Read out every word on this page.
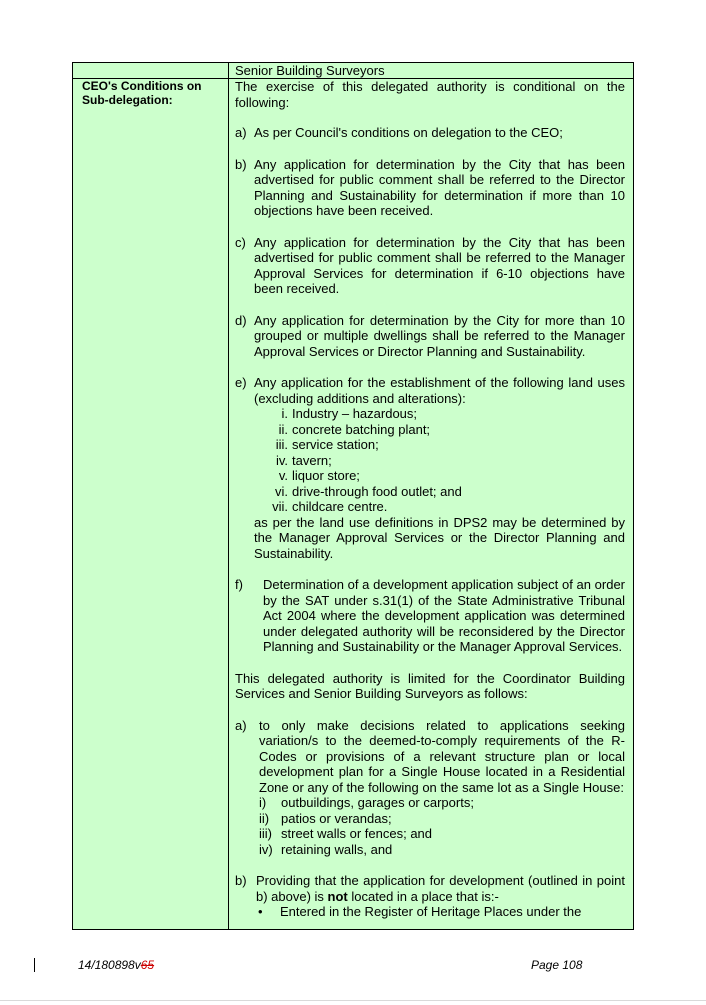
Senior Building Surveyors
CEO's Conditions on Sub-delegation:

The exercise of this delegated authority is conditional on the following:

a) As per Council's conditions on delegation to the CEO;
b) Any application for determination by the City that has been advertised for public comment shall be referred to the Director Planning and Sustainability for determination if more than 10 objections have been received.
c) Any application for determination by the City that has been advertised for public comment shall be referred to the Manager Approval Services for determination if 6-10 objections have been received.
d) Any application for determination by the City for more than 10 grouped or multiple dwellings shall be referred to the Manager Approval Services or Director Planning and Sustainability.
e) Any application for the establishment of the following land uses (excluding additions and alterations):
i. Industry – hazardous;
ii. concrete batching plant;
iii. service station;
iv. tavern;
v. liquor store;
vi. drive-through food outlet; and
vii. childcare centre.
as per the land use definitions in DPS2 may be determined by the Manager Approval Services or the Director Planning and Sustainability.
f) Determination of a development application subject of an order by the SAT under s.31(1) of the State Administrative Tribunal Act 2004 where the development application was determined under delegated authority will be reconsidered by the Director Planning and Sustainability or the Manager Approval Services.

This delegated authority is limited for the Coordinator Building Services and Senior Building Surveyors as follows:

a) to only make decisions related to applications seeking variation/s to the deemed-to-comply requirements of the R-Codes or provisions of a relevant structure plan or local development plan for a Single House located in a Residential Zone or any of the following on the same lot as a Single House:
i) outbuildings, garages or carports;
ii) patios or verandas;
iii) street walls or fences; and
iv) retaining walls, and
b) Providing that the application for development (outlined in point b) above) is not located in a place that is:-
• Entered in the Register of Heritage Places under the
14/180898v65	Page 108
